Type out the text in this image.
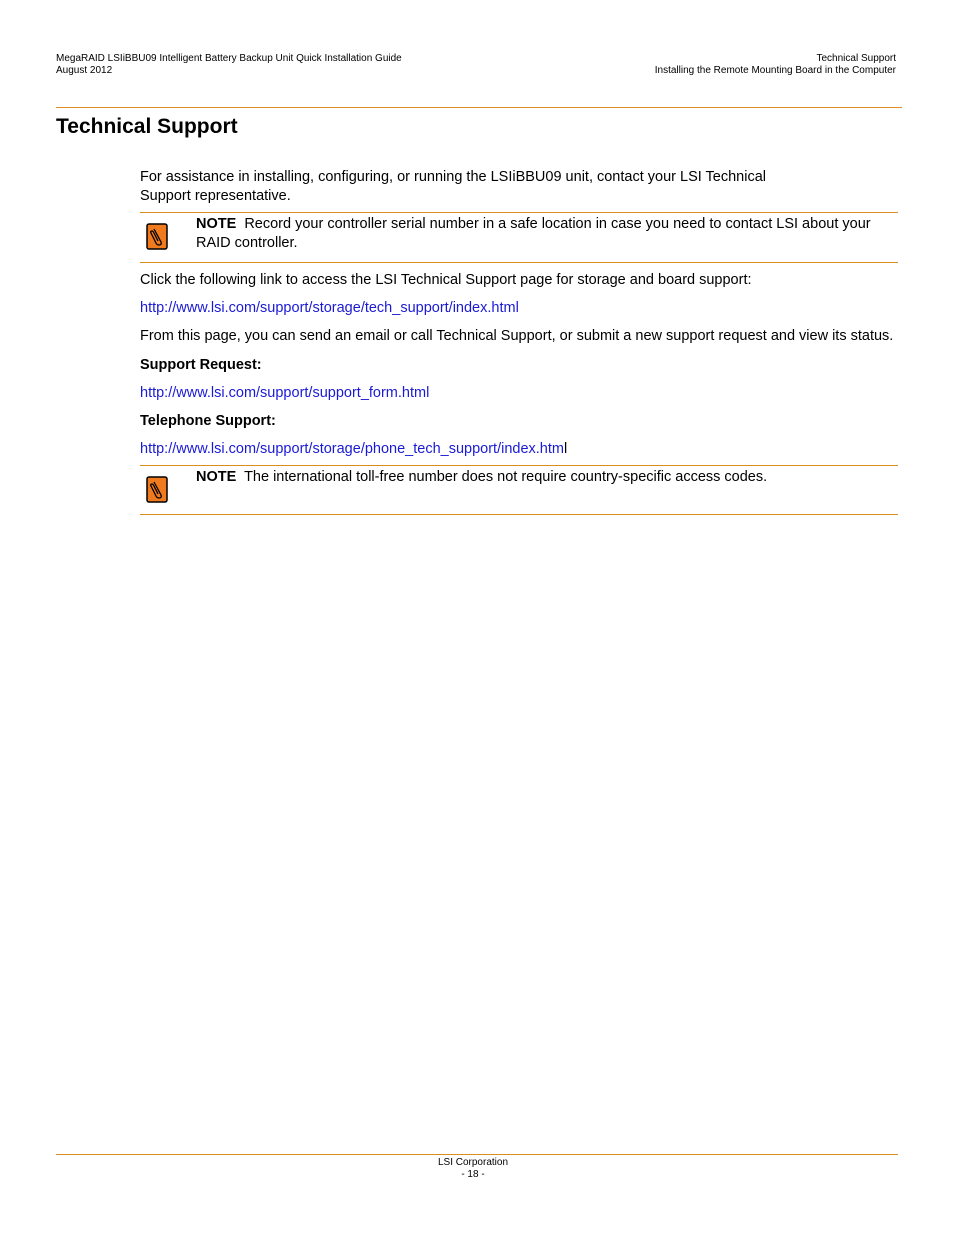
MegaRAID LSIiBBU09 Intelligent Battery Backup Unit Quick Installation Guide
August 2012
Technical Support
Installing the Remote Mounting Board in the Computer
Technical Support

For assistance in installing, configuring, or running the LSIiBBU09 unit, contact your LSI Technical Support representative.

NOTE Record your controller serial number in a safe location in case you need to contact LSI about your RAID controller.

Click the following link to access the LSI Technical Support page for storage and board support:

http://www.lsi.com/support/storage/tech_support/index.html

From this page, you can send an email or call Technical Support, or submit a new support request and view its status.

Support Request:

http://www.lsi.com/support/support_form.html

Telephone Support:

http://www.lsi.com/support/storage/phone_tech_support/index.html

NOTE The international toll-free number does not require country-specific access codes.
LSI Corporation
- 18 -
